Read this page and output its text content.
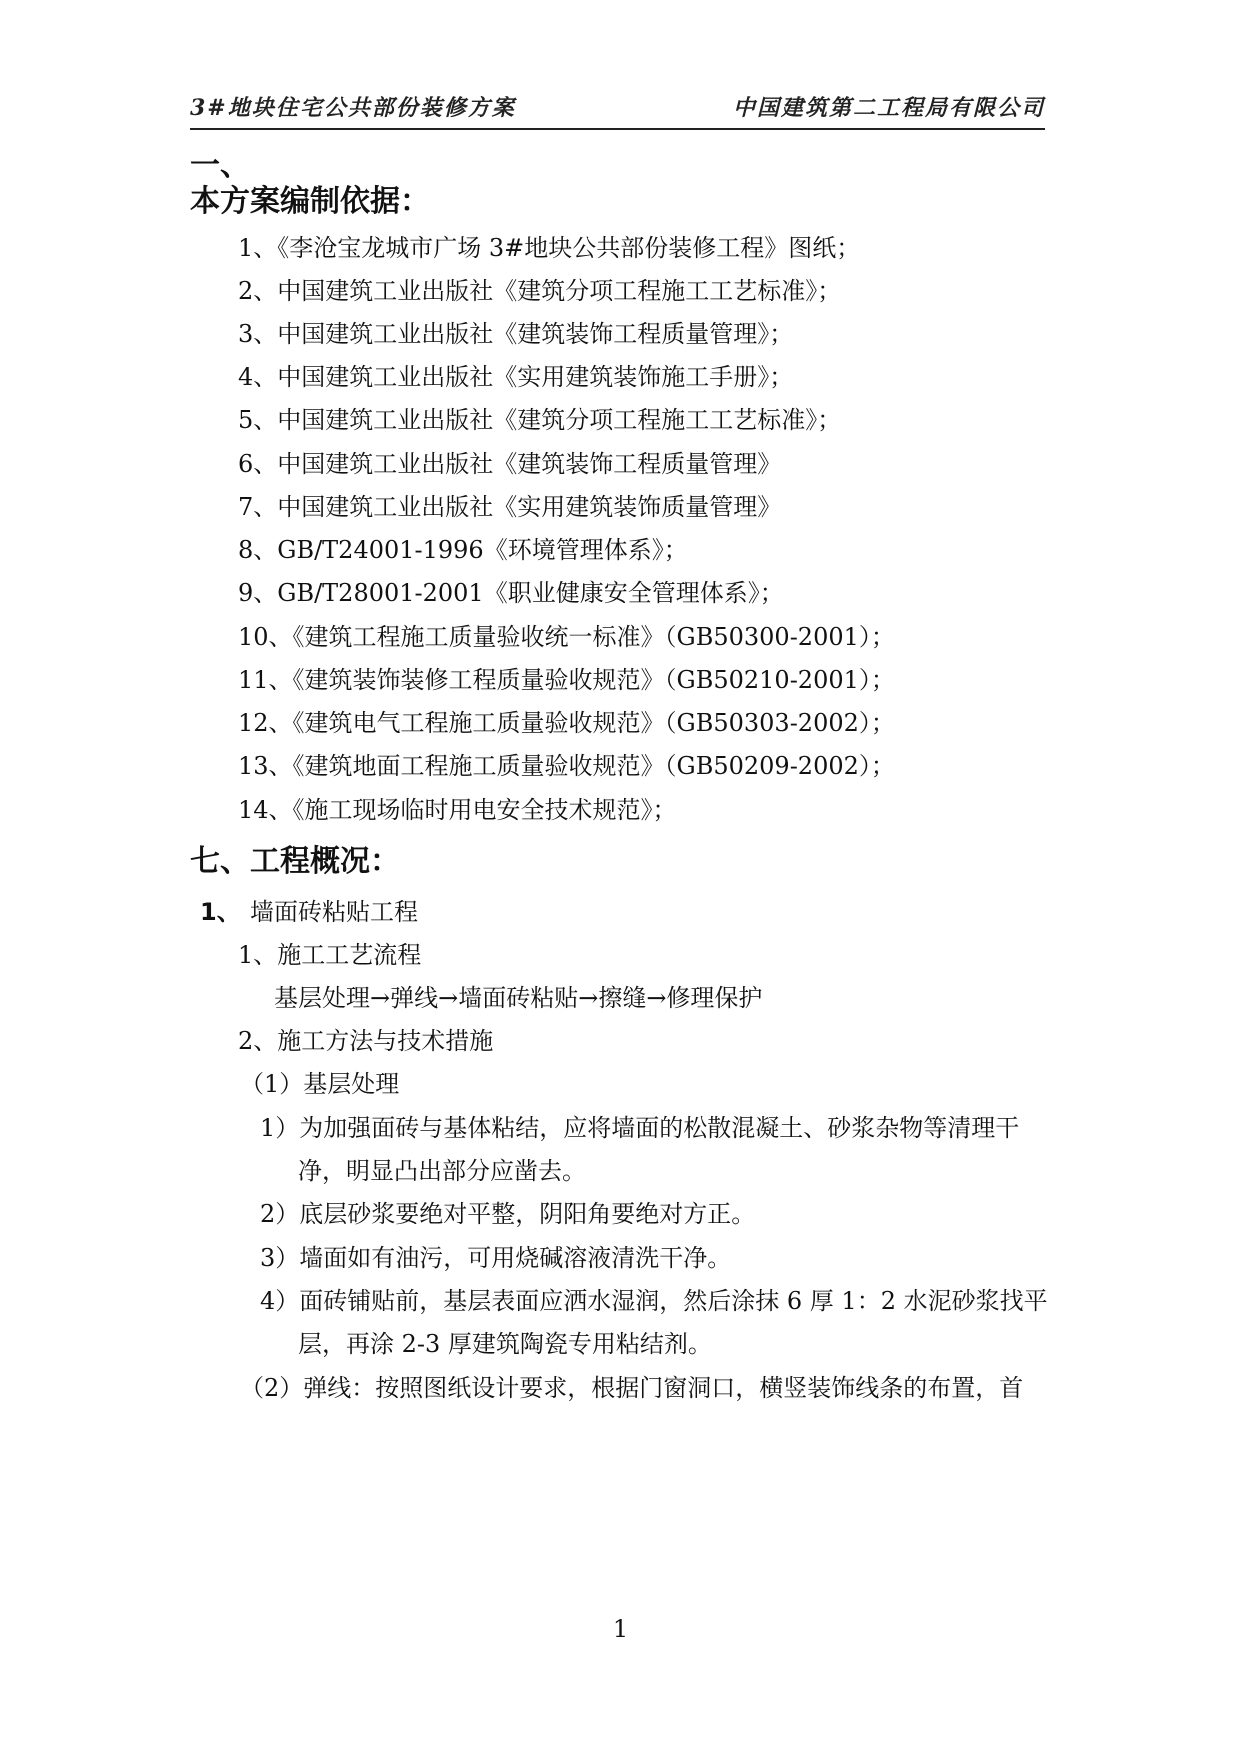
3#地块住宅公共部份装修方案	中国建筑第二工程局有限公司
一、
本方案编制依据：
1、《李沧宝龙城市广场 3#地块公共部份装修工程》图纸；
2、中国建筑工业出版社《建筑分项工程施工工艺标准》；
3、中国建筑工业出版社《建筑装饰工程质量管理》；
4、中国建筑工业出版社《实用建筑装饰施工手册》；
5、中国建筑工业出版社《建筑分项工程施工工艺标准》；
6、中国建筑工业出版社《建筑装饰工程质量管理》
7、中国建筑工业出版社《实用建筑装饰质量管理》
8、GB/T24001-1996《环境管理体系》；
9、GB/T28001-2001《职业健康安全管理体系》；
10、《建筑工程施工质量验收统一标准》（GB50300-2001）；
11、《建筑装饰装修工程质量验收规范》（GB50210-2001）；
12、《建筑电气工程施工质量验收规范》（GB50303-2002）；
13、《建筑地面工程施工质量验收规范》（GB50209-2002）；
14、《施工现场临时用电安全技术规范》；
七、工程概况：
1、 墙面砖粘贴工程
1、施工工艺流程
基层处理→弹线→墙面砖粘贴→擦缝→修理保护
2、施工方法与技术措施
（1）基层处理
1）为加强面砖与基体粘结，应将墙面的松散混凝土、砂浆杂物等清理干
净，明显凸出部分应凿去。
2）底层砂浆要绝对平整，阴阳角要绝对方正。
3）墙面如有油污，可用烧碱溶液清洗干净。
4）面砖铺贴前，基层表面应洒水湿润，然后涂抹 6 厚 1：2 水泥砂浆找平
层，再涂 2-3 厚建筑陶瓷专用粘结剂。
（2）弹线：按照图纸设计要求，根据门窗洞口，横竖装饰线条的布置，首
1
